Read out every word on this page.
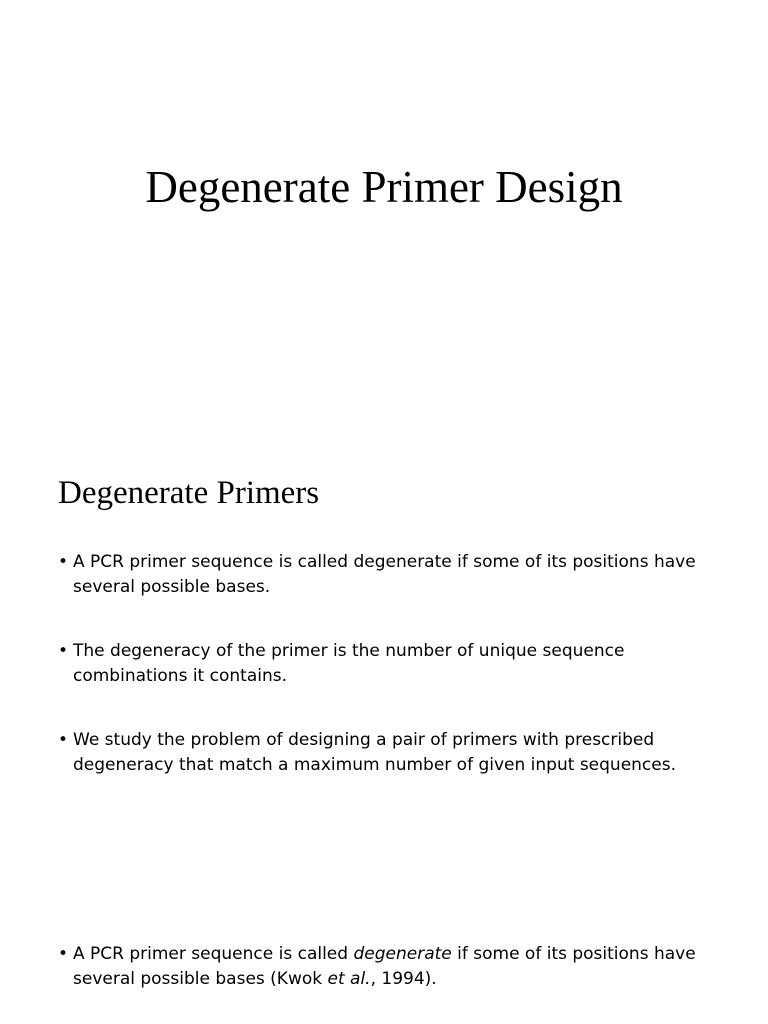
Degenerate Primer Design
Degenerate Primers
• A PCR primer sequence is called degenerate if some of its positions have several possible bases.
• The degeneracy of the primer is the number of unique sequence combinations it contains.
• We study the problem of designing a pair of primers with prescribed degeneracy that match a maximum number of given input sequences.
• A PCR primer sequence is called degenerate if some of its positions have several possible bases (Kwok et al., 1994).
